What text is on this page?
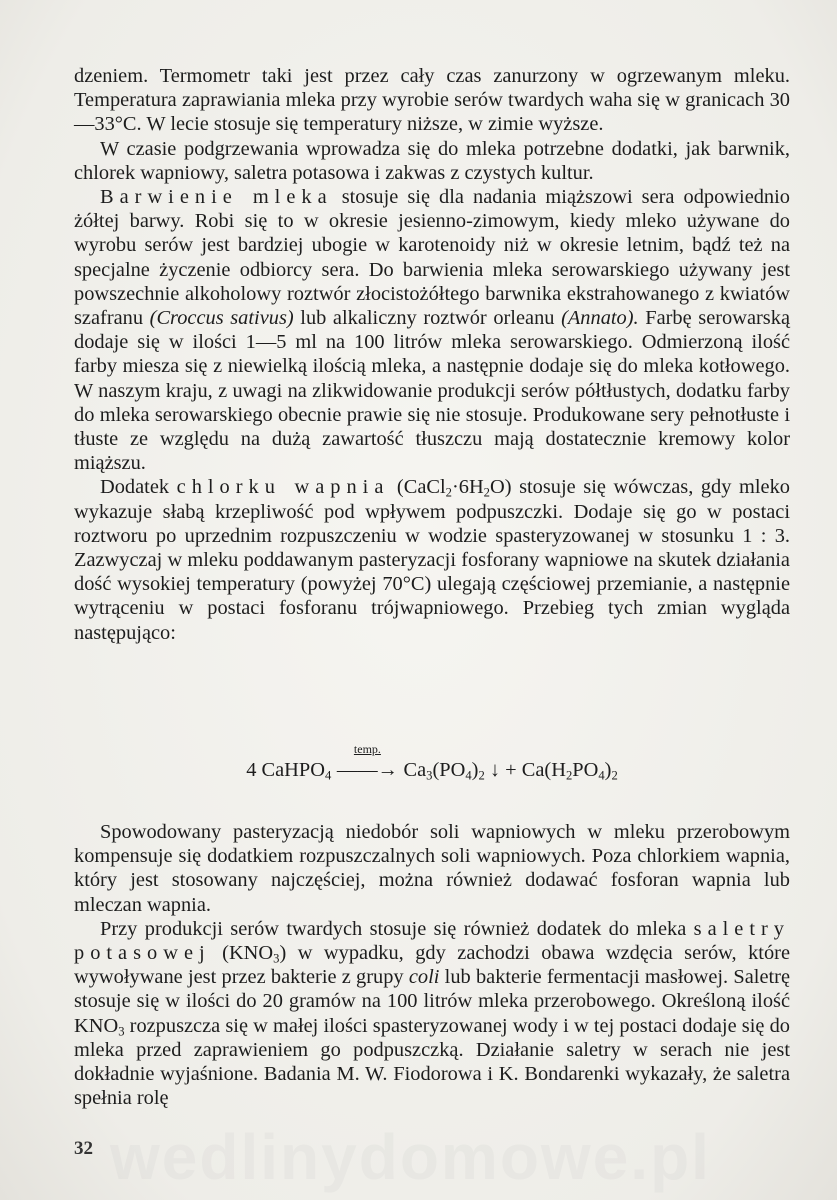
dzeniem. Termometr taki jest przez cały czas zanurzony w ogrzewanym mleku. Temperatura zaprawiania mleka przy wyrobie serów twardych waha się w granicach 30—33°C. W lecie stosuje się temperatury niższe, w zimie wyższe.

W czasie podgrzewania wprowadza się do mleka potrzebne dodatki, jak barwnik, chlorek wapniowy, saletra potasowa i zakwas z czystych kultur.

Barwienie mleka stosuje się dla nadania miąższowi sera odpowiednio żółtej barwy. Robi się to w okresie jesienno-zimowym, kiedy mleko używane do wyrobu serów jest bardziej ubogie w karotenoidy niż w okresie letnim, bądź też na specjalne życzenie odbiorcy sera. Do barwienia mleka serowarskiego używany jest powszechnie alkoholowy roztwór złocistożółtego barwnika ekstrahowanego z kwiatów szafranu (Croccus sativus) lub alkaliczny roztwór orleanu (Annato). Farbę serowarską dodaje się w ilości 1—5 ml na 100 litrów mleka serowarskiego. Odmierzoną ilość farby miesza się z niewielką ilością mleka, a następnie dodaje się do mleka kotłowego. W naszym kraju, z uwagi na zlikwidowanie produkcji serów półtłustych, dodatku farby do mleka serowarskiego obecnie prawie się nie stosuje. Produkowane sery pełnotłuste i tłuste ze względu na dużą zawartość tłuszczu mają dostatecznie kremowy kolor miąższu.

Dodatek chlorku wapnia $(CaCl_2\cdot 6H_2O)$ stosuje się wówczas, gdy mleko wykazuje słabą krzepliwość pod wpływem podpuszczki. Dodaje się go w postaci roztworu po uprzednim rozpuszczeniu w wodzie spasteryzowanej w stosunku 1 : 3. Zazwyczaj w mleku poddawanym pasteryzacji fosforany wapniowe na skutek działania dość wysokiej temperatury (powyżej 70°C) ulegają częściowej przemianie, a następnie wytrąceniu w postaci fosforanu trójwapniowego. Przebieg tych zmian wygląda następująco:

4 CaHPO$_4$
temp.
——→ $Ca_3(PO_4)_2$ ↓ + $Ca(H_2PO_4)_2$

Spowodowany pasteryzacją niedobór soli wapniowych w mleku przerobowym kompensuje się dodatkiem rozpuszczalnych soli wapniowych. Poza chlorkiem wapnia, który jest stosowany najczęściej, można również dodawać fosforan wapnia lub mleczan wapnia.

Przy produkcji serów twardych stosuje się również dodatek do mleka saletry potasowej $(KNO_3)$ w wypadku, gdy zachodzi obawa wzdęcia serów, które wywoływane jest przez bakterie z grupy coli lub bakterie fermentacji masłowej. Saletrę stosuje się w ilości do 20 gramów na 100 litrów mleka przerobowego. Określoną ilość $KNO_3$ rozpuszcza się w małej ilości spasteryzowanej wody i w tej postaci dodaje się do mleka przed zaprawieniem go podpuszczką. Działanie saletry w serach nie jest dokładnie wyjaśnione. Badania M. W. Fiodorowa i K. Bondarenki wykazały, że saletra spełnia rolę

wedlinydomowe.pl
32
